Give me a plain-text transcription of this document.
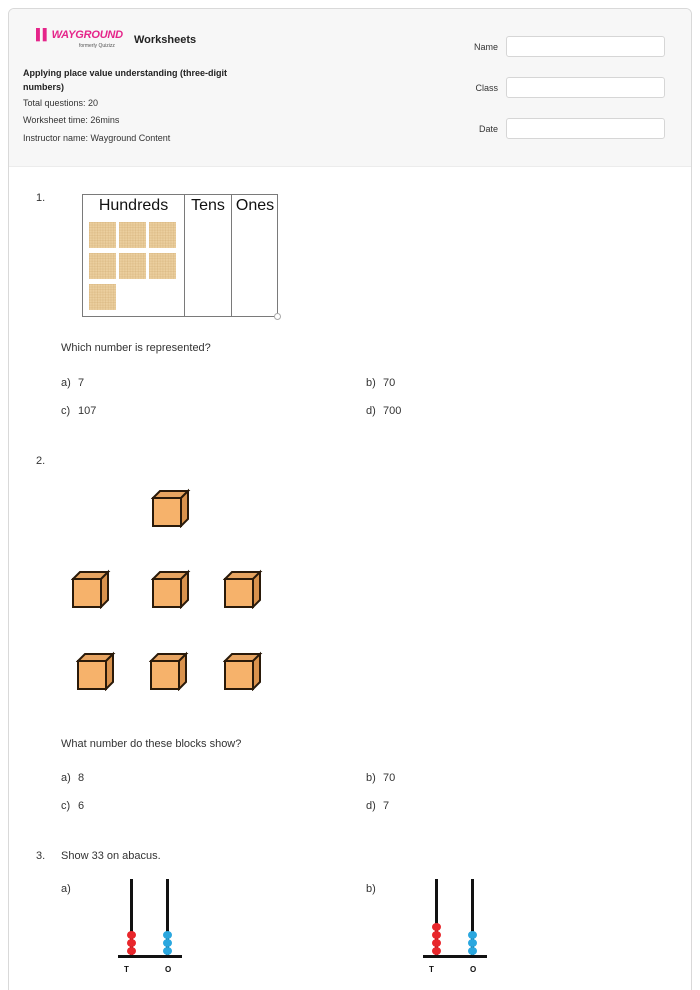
▌▌ WAYGROUND
formerly Quizizz Worksheets
Applying place value understanding (three-digit numbers)
Total questions: 20
Worksheet time: 26mins
Instructor name: Wayground Content
Name
Class
Date
1.	Hundreds	Tens Ones
Which number is represented?
a) 7	b) 70
c) 107	d) 700
2.
What number do these blocks show?
a) 8	b) 70
c) 6	d) 7
3. Show 33 on abacus.
a)
T	O
b)
T	O
